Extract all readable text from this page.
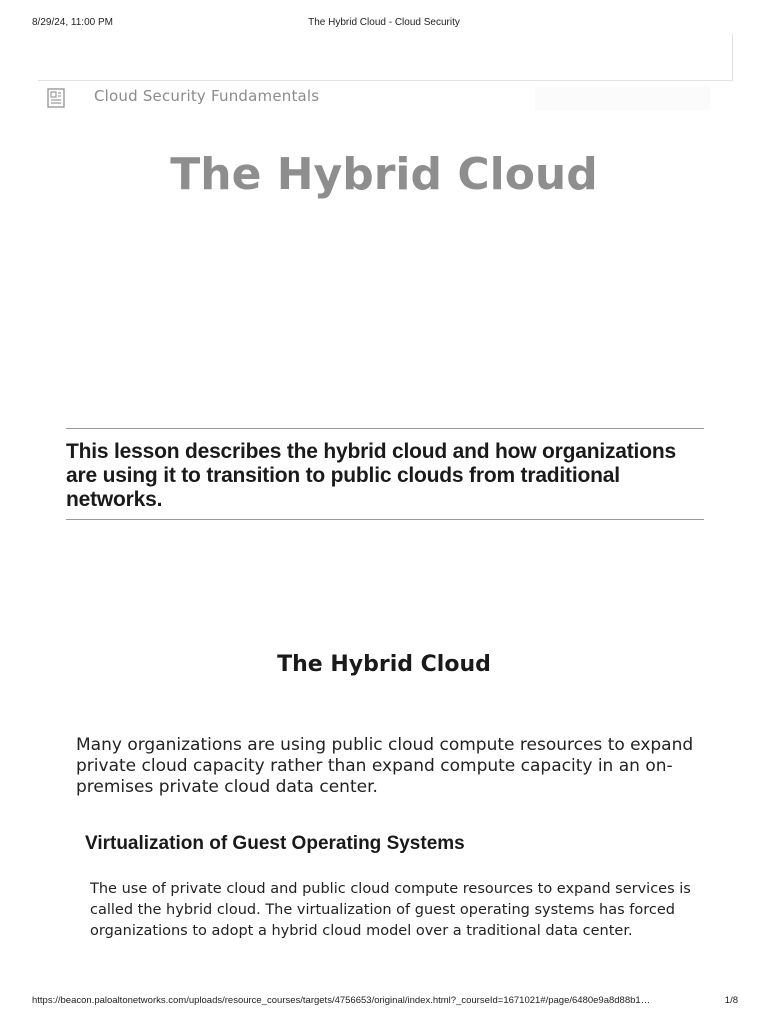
8/29/24, 11:00 PM	The Hybrid Cloud - Cloud Security
Cloud Security Fundamentals
The Hybrid Cloud

This lesson describes the hybrid cloud and how organizations are using it to transition to public clouds from traditional networks.

The Hybrid Cloud

Many organizations are using public cloud compute resources to expand private cloud capacity rather than expand compute capacity in an on-premises private cloud data center.

Virtualization of Guest Operating Systems

The use of private cloud and public cloud compute resources to expand services is called the hybrid cloud. The virtualization of guest operating systems has forced organizations to adopt a hybrid cloud model over a traditional data center.

https://beacon.paloaltonetworks.com/uploads/resource_courses/targets/4756653/original/index.html?_courseId=1671021#/page/6480e9a8d88b1…	1/8
